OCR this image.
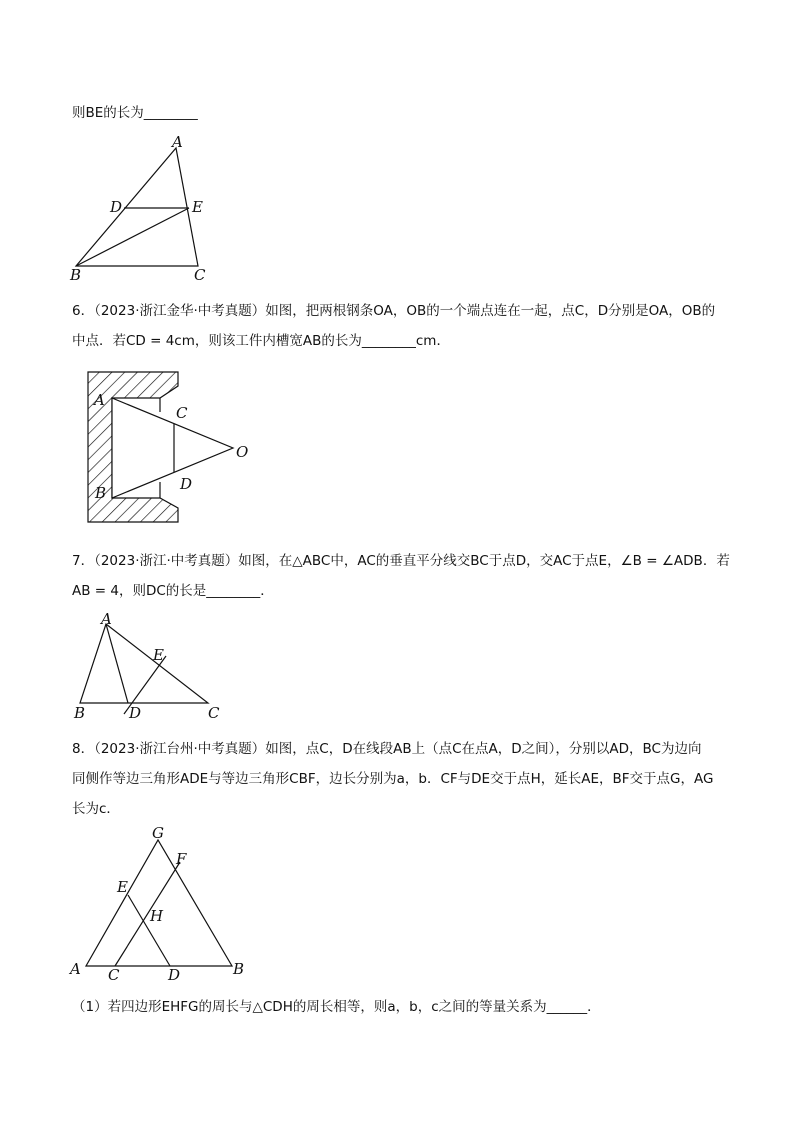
则BE的长为________
A
D	E
B	C
6．（2023·浙江金华·中考真题）如图，把两根钢条OA，OB的一个端点连在一起，点C，D分别是OA，OB的
中点．若CD = 4cm，则该工件内槽宽AB的长为________cm．
A
C
O
D
B
7．（2023·浙江·中考真题）如图，在△ABC中，AC的垂直平分线交BC于点D，交AC于点E，∠B = ∠ADB．若
AB = 4，则DC的长是________．
A
E
B	D	C
8．（2023·浙江台州·中考真题）如图，点C，D在线段AB上（点C在点A，D之间），分别以AD，BC为边向
同侧作等边三角形ADE与等边三角形CBF，边长分别为a，b．CF与DE交于点H，延长AE，BF交于点G，AG
长为c．
G
F
E
H
A C	D	B
（1）若四边形EHFG的周长与△CDH的周长相等，则a，b，c之间的等量关系为______．
